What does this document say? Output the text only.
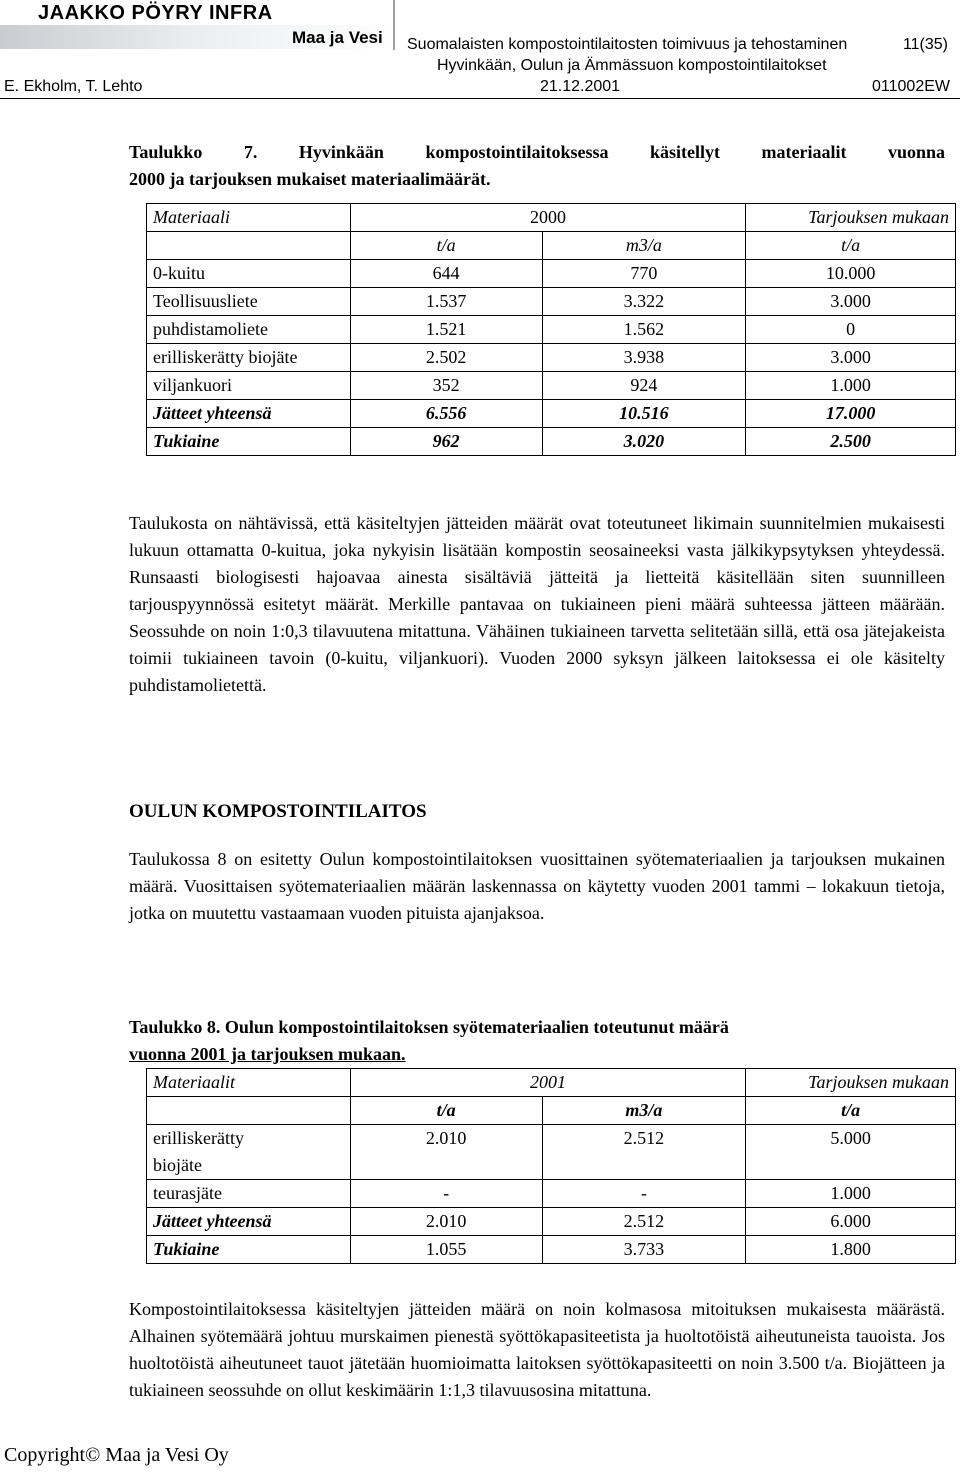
JAAKKO PÖYRY INFRA
Maa ja Vesi Suomalaisten kompostointilaitosten toimivuus ja tehostaminen	11(35)
Hyvinkään, Oulun ja Ämmässuon kompostointilaitokset
E. Ekholm, T. Lehto	21.12.2001	011002EW
Taulukko 7. Hyvinkään kompostointilaitoksessa käsitellyt materiaalit vuonna
2000 ja tarjouksen mukaiset materiaalimäärät.
Materiaali	2000		Tarjouksen mukaan
	t/a	m3/a	t/a
0-kuitu	644	770	10.000
Teollisuusliete	1.537	3.322	3.000
puhdistamoliete	1.521	1.562	0
erilliskerätty biojäte	2.502	3.938	3.000
viljankuori	352	924	1.000
Jätteet yhteensä	6.556	10.516	17.000
Tukiaine	962	3.020	2.500
Taulukosta on nähtävissä, että käsiteltyjen jätteiden määrät ovat toteutuneet likimain suunnitelmien mukaisesti lukuun ottamatta 0-kuitua, joka nykyisin lisätään kompostin seosaineeksi vasta jälkikypsytyksen yhteydessä. Runsaasti biologisesti hajoavaa ainesta sisältäviä jätteitä ja lietteitä käsitellään siten suunnilleen tarjouspyynnössä esitetyt määrät. Merkille pantavaa on tukiaineen pieni määrä suhteessa jätteen määrään. Seossuhde on noin 1:0,3 tilavuutena mitattuna. Vähäinen tukiaineen tarvetta selitetään sillä, että osa jätejakeista toimii tukiaineen tavoin (0-kuitu, viljankuori). Vuoden 2000 syksyn jälkeen laitoksessa ei ole käsitelty puhdistamolietettä.
OULUN KOMPOSTOINTILAITOS
Taulukossa 8 on esitetty Oulun kompostointilaitoksen vuosittainen syötemateriaalien ja tarjouksen mukainen määrä. Vuosittaisen syötemateriaalien määrän laskennassa on käytetty vuoden 2001 tammi – lokakuun tietoja, jotka on muutettu vastaamaan vuoden pituista ajanjaksoa.
Taulukko 8. Oulun kompostointilaitoksen syötemateriaalien toteutunut määrä
vuonna 2001 ja tarjouksen mukaan.
Materiaalit	2001		Tarjouksen mukaan
	t/a	m3/a	t/a
erilliskerätty	2.010	2.512	5.000
biojäte			
teurasjäte	-	-	1.000
Jätteet yhteensä	2.010	2.512	6.000
Tukiaine	1.055	3.733	1.800
Kompostointilaitoksessa käsiteltyjen jätteiden määrä on noin kolmasosa mitoituksen mukaisesta määrästä. Alhainen syötemäärä johtuu murskaimen pienestä syöttökapasiteetista ja huoltotöistä aiheutuneista tauoista. Jos huoltotöistä aiheutuneet tauot jätetään huomioimatta laitoksen syöttökapasiteetti on noin 3.500 t/a. Biojätteen ja tukiaineen seossuhde on ollut keskimäärin 1:1,3 tilavuusosina mitattuna.
Copyright© Maa ja Vesi Oy
